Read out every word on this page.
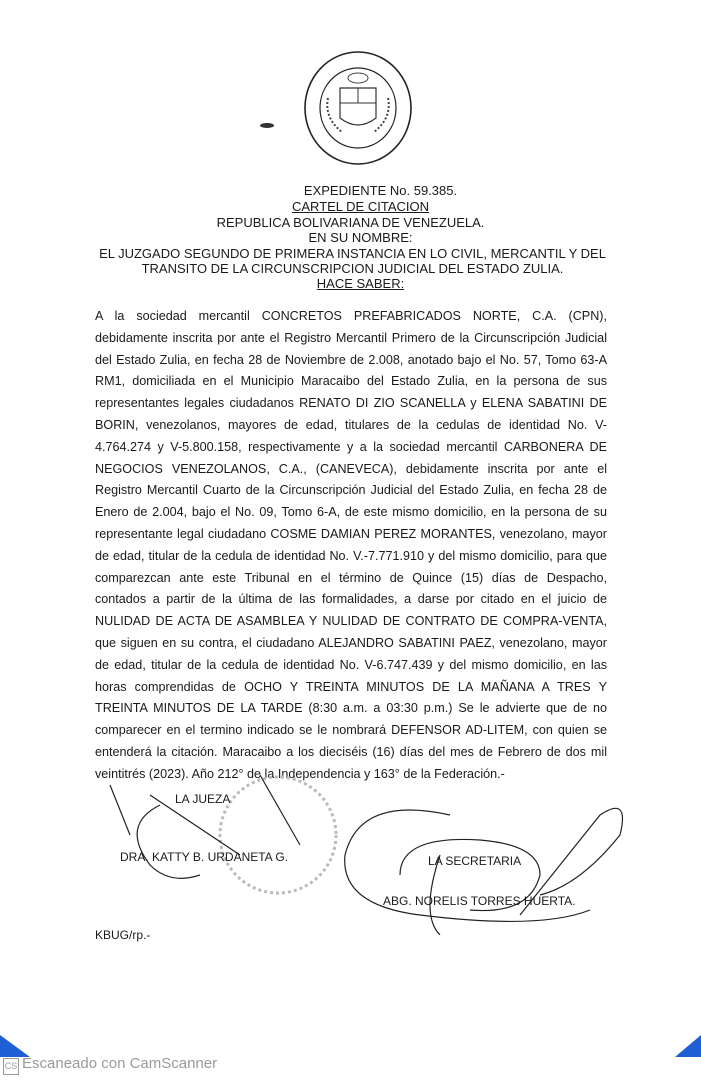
EXPEDIENTE No. 59.385.
CARTEL DE CITACION
REPUBLICA BOLIVARIANA DE VENEZUELA.
EN SU NOMBRE:
EL JUZGADO SEGUNDO DE PRIMERA INSTANCIA EN LO CIVIL, MERCANTIL Y DEL
TRANSITO DE LA CIRCUNSCRIPCION JUDICIAL DEL ESTADO ZULIA.
HACE SABER:
A la sociedad mercantil CONCRETOS PREFABRICADOS NORTE, C.A. (CPN),
debidamente inscrita por ante el Registro Mercantil Primero de la Circunscripción Judicial
del Estado Zulia, en fecha 28 de Noviembre de 2.008, anotado bajo el No. 57, Tomo 63-A
RM1, domiciliada en el Municipio Maracaibo del Estado Zulia, en la persona de sus
representantes legales ciudadanos RENATO DI ZIO SCANELLA y ELENA SABATINI DE
BORIN, venezolanos, mayores de edad, titulares de la cedulas de identidad No. V-
4.764.274 y V-5.800.158, respectivamente y a la sociedad mercantil CARBONERA DE
NEGOCIOS VENEZOLANOS, C.A., (CANEVECA), debidamente inscrita por ante el
Registro Mercantil Cuarto de la Circunscripción Judicial del Estado Zulia, en fecha 28 de
Enero de 2.004, bajo el No. 09, Tomo 6-A, de este mismo domicilio, en la persona de su
representante legal ciudadano COSME DAMIAN PEREZ MORANTES, venezolano, mayor
de edad, titular de la cedula de identidad No. V.-7.771.910 y del mismo domicilio, para que
comparezcan ante este Tribunal en el término de Quince (15) días de Despacho,
contados a partir de la última de las formalidades, a darse por citado en el juicio de
NULIDAD DE ACTA DE ASAMBLEA Y NULIDAD DE CONTRATO DE COMPRA-VENTA,
que siguen en su contra, el ciudadano ALEJANDRO SABATINI PAEZ, venezolano, mayor
de edad, titular de la cedula de identidad No. V-6.747.439 y del mismo domicilio, en las
horas comprendidas de OCHO Y TREINTA MINUTOS DE LA MAÑANA A TRES Y
TREINTA MINUTOS DE LA TARDE (8:30 a.m. a 03:30 p.m.) Se le advierte que de no
comparecer en el termino indicado se le nombrará DEFENSOR AD-LITEM, con quien se
entenderá la citación. Maracaibo a los dieciséis (16) días del mes de Febrero de dos mil
veintitrés (2023). Año 212° de la Independencia y 163° de la Federación.-
LA JUEZA
DRA. KATTY B. URDANETA G.	LA SECRETARIA
ABG. NORELIS TORRES HUERTA.
KBUG/rp.-
CS Escaneado con CamScanner
